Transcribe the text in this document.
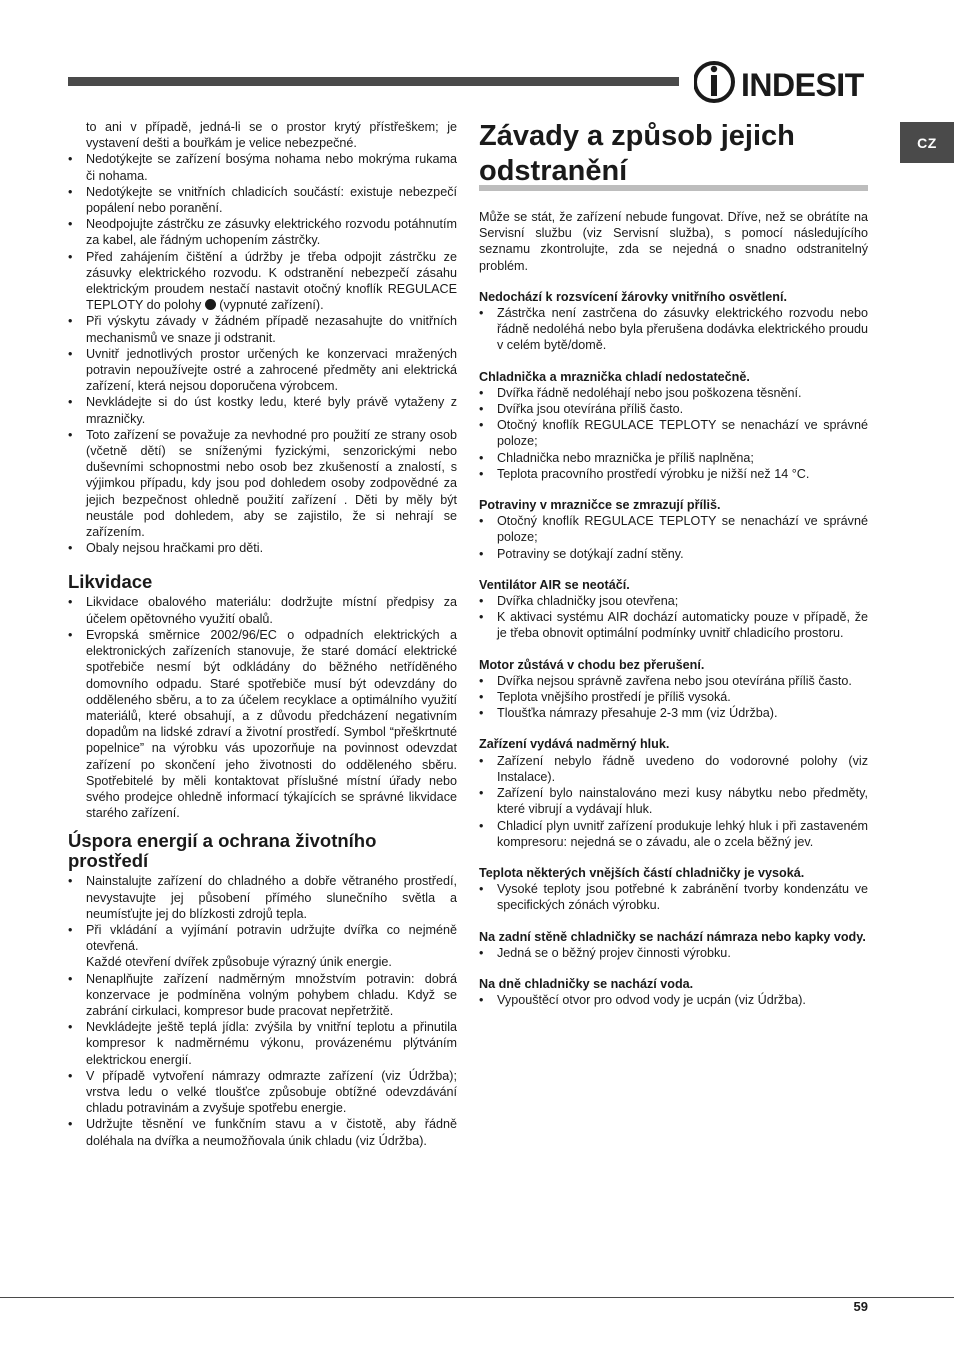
INDESIT
CZ
to ani v případě, jedná-li se o prostor krytý přístřeškem; je vystavení dešti a bouřkám je velice nebezpečné.
• Nedotýkejte se zařízení bosýma nohama nebo mokrýma rukama či nohama.
• Nedotýkejte se vnitřních chladicích součástí: existuje nebezpečí popálení nebo poranění.
• Neodpojujte zástrčku ze zásuvky elektrického rozvodu potáhnutím za kabel, ale řádným uchopením zástrčky.
• Před zahájením čištění a údržby je třeba odpojit zástrčku ze zásuvky elektrického rozvodu. K odstranění nebezpečí zásahu elektrickým proudem nestačí nastavit otočný knoflík REGULACE TEPLOTY do polohy (vypnuté zařízení).
• Při výskytu závady v žádném případě nezasahujte do vnitřních mechanismů ve snaze ji odstranit.
• Uvnitř jednotlivých prostor určených ke konzervaci mražených potravin nepoužívejte ostré a zahrocené předměty ani elektrická zařízení, která nejsou doporučena výrobcem.
• Nevkládejte si do úst kostky ledu, které byly právě vytaženy z mrazničky.
• Toto zařízení se považuje za nevhodné pro použití ze strany osob (včetně dětí) se sníženými fyzickými, senzorickými nebo duševními schopnostmi nebo osob bez zkušeností a znalostí, s výjimkou případu, kdy jsou pod dohledem osoby zodpovědné za jejich bezpečnost ohledně použití zařízení . Děti by měly být neustále pod dohledem, aby se zajistilo, že si nehrají se zařízením.
• Obaly nejsou hračkami pro děti.
Likvidace
• Likvidace obalového materiálu: dodržujte místní předpisy za účelem opětovného využití obalů.
• Evropská směrnice 2002/96/EC o odpadních elektrických a elektronických zařízeních stanovuje, že staré domácí elektrické spotřebiče nesmí být odkládány do běžného netříděného domovního odpadu. Staré spotřebiče musí být odevzdány do odděleného sběru, a to za účelem recyklace a optimálního využití materiálů, které obsahují, a z důvodu předcházení negativním dopadům na lidské zdraví a životní prostředí. Symbol “přeškrtnuté popelnice” na výrobku vás upozorňuje na povinnost odevzdat zařízení po skončení jeho životnosti do odděleného sběru. Spotřebitelé by měli kontaktovat příslušné místní úřady nebo svého prodejce ohledně informací týkajících se správné likvidace starého zařízení.
Úspora energií a ochrana životního prostředí
• Nainstalujte zařízení do chladného a dobře větraného prostředí, nevystavujte jej působení přímého slunečního světla a neumísťujte jej do blízkosti zdrojů tepla.
• Při vkládání a vyjímání potravin udržujte dvířka co nejméně otevřená.
Každé otevření dvířek způsobuje výrazný únik energie.
• Nenaplňujte zařízení nadměrným množstvím potravin: dobrá konzervace je podmíněna volným pohybem chladu. Když se zabrání cirkulaci, kompresor bude pracovat nepřetržitě.
• Nevkládejte ještě teplá jídla: zvýšila by vnitřní teplotu a přinutila kompresor k nadměrnému výkonu, provázenému plýtváním elektrickou energií.
• V případě vytvoření námrazy odmrazte zařízení (viz Údržba); vrstva ledu o velké tloušťce způsobuje obtížné odevzdávání chladu potravinám a zvyšuje spotřebu energie.
• Udržujte těsnění ve funkčním stavu a v čistotě, aby řádně doléhala na dvířka a neumožňovala únik chladu (viz Údržba).
Závady a způsob jejich odstranění

Může se stát, že zařízení nebude fungovat. Dříve, než se obrátíte na Servisní službu (viz Servisní služba), s pomocí následujícího seznamu zkontrolujte, zda se nejedná o snadno odstranitelný problém.

Nedochází k rozsvícení žárovky vnitřního osvětlení.
• Zástrčka není zastrčena do zásuvky elektrického rozvodu nebo řádně nedoléhá nebo byla přerušena dodávka elektrického proudu v celém bytě/domě.
Chladnička a mraznička chladí nedostatečně.
• Dvířka řádně nedoléhají nebo jsou poškozena těsnění.
• Dvířka jsou otevírána příliš často.
• Otočný knoflík REGULACE TEPLOTY se nenachází ve správné poloze;
• Chladnička nebo mraznička je příliš naplněna;
• Teplota pracovního prostředí výrobku je nižší než 14 °C.
Potraviny v mrazničce se zmrazují příliš.
• Otočný knoflík REGULACE TEPLOTY se nenachází ve správné poloze;
• Potraviny se dotýkají zadní stěny.
Ventilátor AIR se neotáčí.
• Dvířka chladničky jsou otevřena;
• K aktivaci systému AIR dochází automaticky pouze v případě, že je třeba obnovit optimální podmínky uvnitř chladicího prostoru.
Motor zůstává v chodu bez přerušení.
• Dvířka nejsou správně zavřena nebo jsou otevírána příliš často.
• Teplota vnějšího prostředí je příliš vysoká.
• Tloušťka námrazy přesahuje 2-3 mm (viz Údržba).
Zařízení vydává nadměrný hluk.
• Zařízení nebylo řádně uvedeno do vodorovné polohy (viz Instalace).
• Zařízení bylo nainstalováno mezi kusy nábytku nebo předměty, které vibrují a vydávají hluk.
• Chladicí plyn uvnitř zařízení produkuje lehký hluk i při zastaveném kompresoru: nejedná se o závadu, ale o zcela běžný jev.
Teplota některých vnějších částí chladničky je vysoká.
• Vysoké teploty jsou potřebné k zabránění tvorby kondenzátu ve specifických zónách výrobku.
Na zadní stěně chladničky se nachází námraza nebo kapky vody.
• Jedná se o běžný projev činnosti výrobku.
Na dně chladničky se nachází voda.
• Vypouštěcí otvor pro odvod vody je ucpán (viz Údržba).
59
